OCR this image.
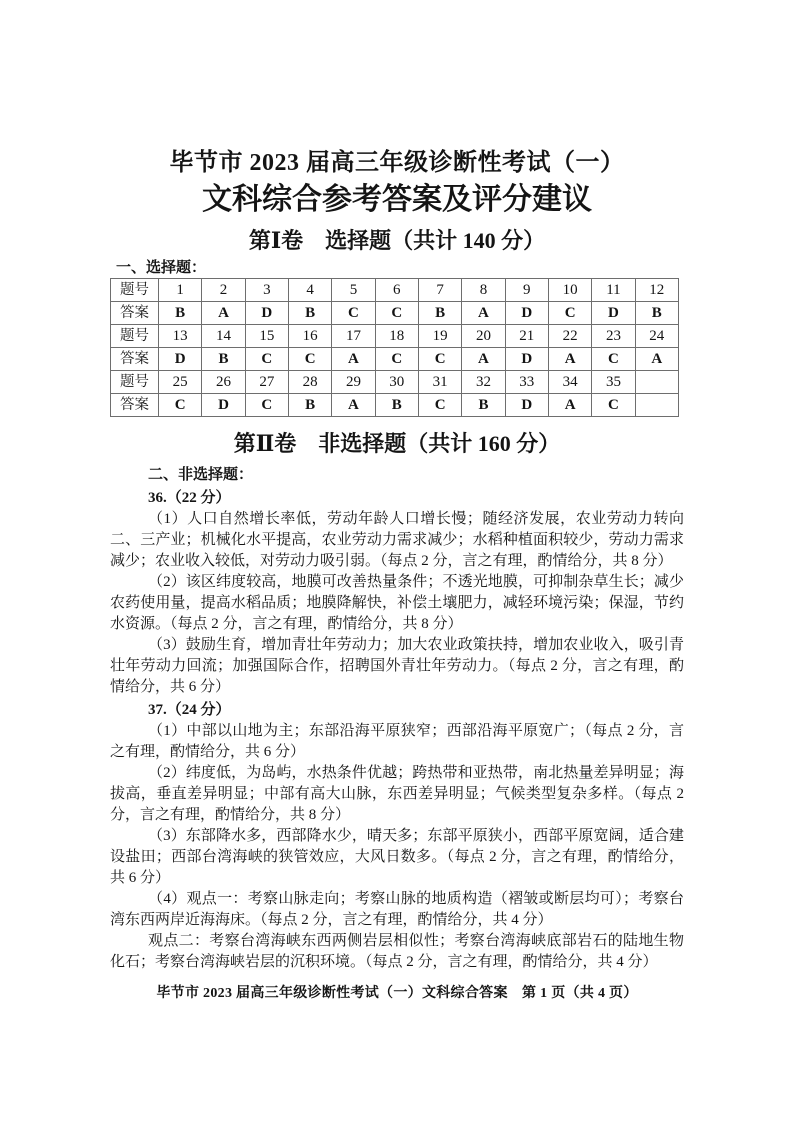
毕节市 2023 届高三年级诊断性考试（一）
文科综合参考答案及评分建议
第Ⅰ卷　选择题（共计 140 分）
一、选择题：
题号	1	2	3	4	5	6	7	8	9	10	11	12
答案	B	A	D	B	C	C	B	A	D	C	D	B
题号	13	14	15	16	17	18	19	20	21	22	23	24
答案	D	B	C	C	A	C	C	A	D	A	C	A
题号	25	26	27	28	29	30	31	32	33	34	35	
答案	C	D	C	B	A	B	C	B	D	A	C	
第Ⅱ卷　非选择题（共计 160 分）
二、非选择题：
36.（22 分）
（1）人口自然增长率低，劳动年龄人口增长慢；随经济发展，农业劳动力转向二、三产业；机械化水平提高，农业劳动力需求减少；水稻种植面积较少，劳动力需求减少；农业收入较低，对劳动力吸引弱。（每点 2 分，言之有理，酌情给分，共 8 分）
（2）该区纬度较高，地膜可改善热量条件；不透光地膜，可抑制杂草生长；减少农药使用量，提高水稻品质；地膜降解快，补偿土壤肥力，减轻环境污染；保湿，节约水资源。（每点 2 分，言之有理，酌情给分，共 8 分）
（3）鼓励生育，增加青壮年劳动力；加大农业政策扶持，增加农业收入，吸引青壮年劳动力回流；加强国际合作，招聘国外青壮年劳动力。（每点 2 分，言之有理，酌情给分，共 6 分）
37.（24 分）
（1）中部以山地为主；东部沿海平原狭窄；西部沿海平原宽广；（每点 2 分，言之有理，酌情给分，共 6 分）
（2）纬度低，为岛屿，水热条件优越；跨热带和亚热带，南北热量差异明显；海拔高，垂直差异明显；中部有高大山脉，东西差异明显；气候类型复杂多样。（每点 2 分，言之有理，酌情给分，共 8 分）
（3）东部降水多，西部降水少，晴天多；东部平原狭小，西部平原宽阔，适合建设盐田；西部台湾海峡的狭管效应，大风日数多。（每点 2 分，言之有理，酌情给分，共 6 分）
（4）观点一：考察山脉走向；考察山脉的地质构造（褶皱或断层均可）；考察台湾东西两岸近海海床。（每点 2 分，言之有理，酌情给分，共 4 分）
观点二：考察台湾海峡东西两侧岩层相似性；考察台湾海峡底部岩石的陆地生物化石；考察台湾海峡岩层的沉积环境。（每点 2 分，言之有理，酌情给分，共 4 分）
毕节市 2023 届高三年级诊断性考试（一）文科综合答案　第 1 页（共 4 页）
